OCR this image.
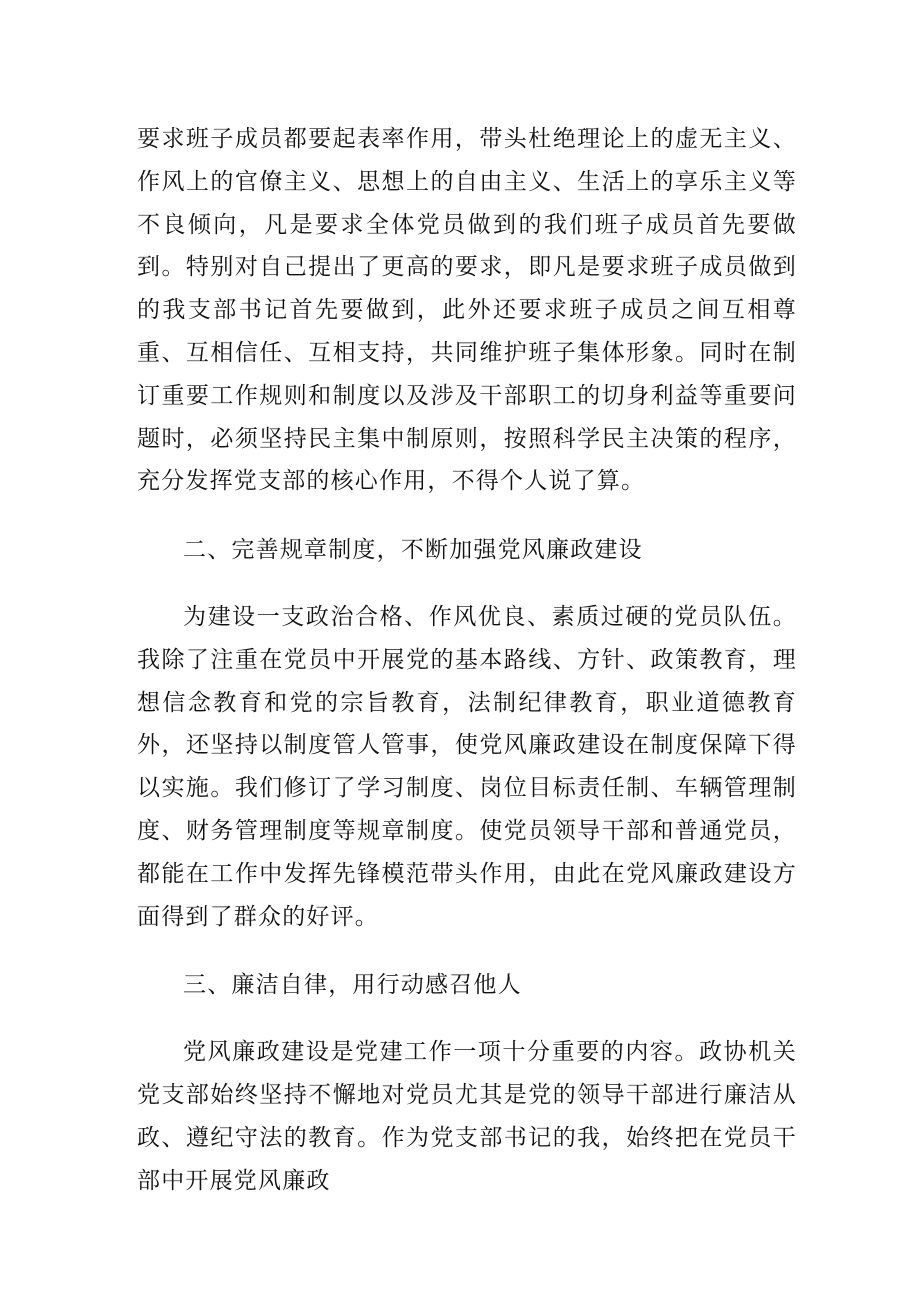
要求班子成员都要起表率作用，带头杜绝理论上的虚无主义、作风上的官僚主义、思想上的自由主义、生活上的享乐主义等不良倾向，凡是要求全体党员做到的我们班子成员首先要做到。特别对自己提出了更高的要求，即凡是要求班子成员做到的我支部书记首先要做到，此外还要求班子成员之间互相尊重、互相信任、互相支持，共同维护班子集体形象。同时在制订重要工作规则和制度以及涉及干部职工的切身利益等重要问题时，必须坚持民主集中制原则，按照科学民主决策的程序，充分发挥党支部的核心作用，不得个人说了算。

二、完善规章制度，不断加强党风廉政建设

为建设一支政治合格、作风优良、素质过硬的党员队伍。我除了注重在党员中开展党的基本路线、方针、政策教育，理想信念教育和党的宗旨教育，法制纪律教育，职业道德教育外，还坚持以制度管人管事，使党风廉政建设在制度保障下得以实施。我们修订了学习制度、岗位目标责任制、车辆管理制度、财务管理制度等规章制度。使党员领导干部和普通党员，都能在工作中发挥先锋模范带头作用，由此在党风廉政建设方面得到了群众的好评。

三、廉洁自律，用行动感召他人

党风廉政建设是党建工作一项十分重要的内容。政协机关党支部始终坚持不懈地对党员尤其是党的领导干部进行廉洁从政、遵纪守法的教育。作为党支部书记的我，始终把在党员干部中开展党风廉政
